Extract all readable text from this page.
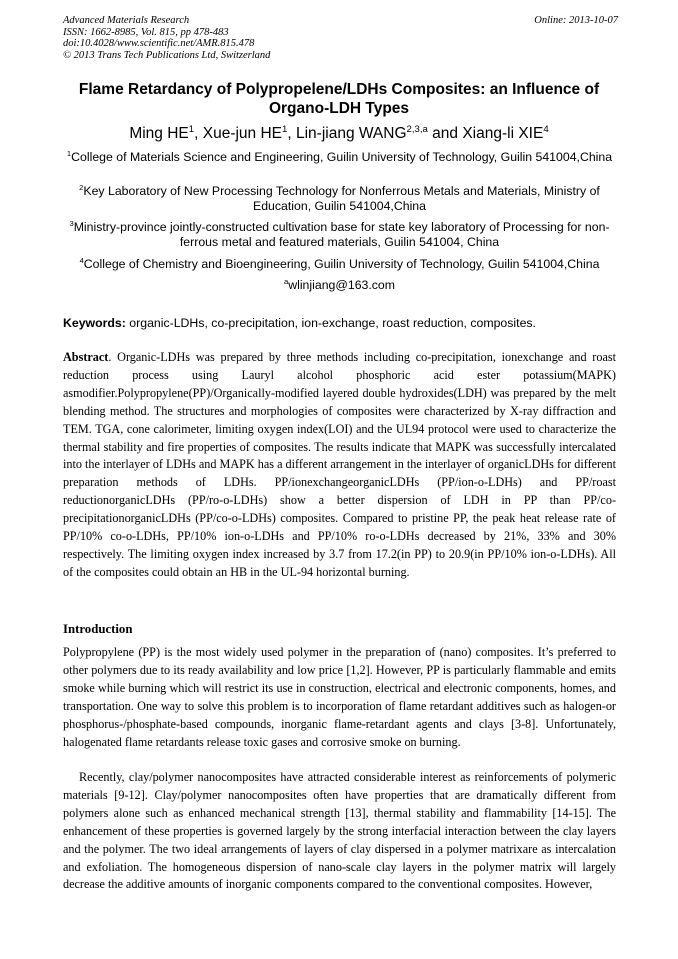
Advanced Materials Research
ISSN: 1662-8985, Vol. 815, pp 478-483
doi:10.4028/www.scientific.net/AMR.815.478
© 2013 Trans Tech Publications Ltd, Switzerland
Online: 2013-10-07
Flame Retardancy of Polypropelene/LDHs Composites: an Influence of Organo-LDH Types
Ming $HE^1$, Xue-jun $HE^1$, Lin-jiang WANG$^{2,3,a}$ and Xiang-li XIE$^4$
$^1$College of Materials Science and Engineering, Guilin University of Technology, Guilin 541004,China
$^2$Key Laboratory of New Processing Technology for Nonferrous Metals and Materials, Ministry of Education, Guilin 541004,China
$^3$Ministry-province jointly-constructed cultivation base for state key laboratory of Processing for non-ferrous metal and featured materials, Guilin 541004, China
$^4$College of Chemistry and Bioengineering, Guilin University of Technology, Guilin 541004,China
$^a$wlinjiang@163.com
Keywords: organic-LDHs, co-precipitation, ion-exchange, roast reduction, composites.

Abstract. Organic-LDHs was prepared by three methods including co-precipitation, ionexchange and roast reduction process using Lauryl alcohol phosphoric acid ester potassium(MAPK) asmodifier.Polypropylene(PP)/Organically-modified layered double hydroxides(LDH) was prepared by the melt blending method. The structures and morphologies of composites were characterized by X-ray diffraction and TEM. TGA, cone calorimeter, limiting oxygen index(LOI) and the UL94 protocol were used to characterize the thermal stability and fire properties of composites. The results indicate that MAPK was successfully intercalated into the interlayer of LDHs and MAPK has a different arrangement in the interlayer of organicLDHs for different preparation methods of LDHs. PP/ionexchangeorganicLDHs (PP/ion-o-LDHs) and PP/roast reductionorganicLDHs (PP/ro-o-LDHs) show a better dispersion of LDH in PP than PP/co-precipitationorganicLDHs (PP/co-o-LDHs) composites. Compared to pristine PP, the peak heat release rate of PP/10% co-o-LDHs, PP/10% ion-o-LDHs and PP/10% ro-o-LDHs decreased by 21%, 33% and 30% respectively. The limiting oxygen index increased by 3.7 from 17.2(in PP) to 20.9(in PP/10% ion-o-LDHs). All of the composites could obtain an HB in the UL-94 horizontal burning.

Introduction

Polypropylene (PP) is the most widely used polymer in the preparation of (nano) composites. It’s preferred to other polymers due to its ready availability and low price [1,2]. However, PP is particularly flammable and emits smoke while burning which will restrict its use in construction, electrical and electronic components, homes, and transportation. One way to solve this problem is to incorporation of flame retardant additives such as halogen-or phosphorus-/phosphate-based compounds, inorganic flame-retardant agents and clays [3-8]. Unfortunately, halogenated flame retardants release toxic gases and corrosive smoke on burning.

Recently, clay/polymer nanocomposites have attracted considerable interest as reinforcements of polymeric materials [9-12]. Clay/polymer nanocomposites often have properties that are dramatically different from polymers alone such as enhanced mechanical strength [13], thermal stability and flammability [14-15]. The enhancement of these properties is governed largely by the strong interfacial interaction between the clay layers and the polymer. The two ideal arrangements of layers of clay dispersed in a polymer matrixare as intercalation and exfoliation. The homogeneous dispersion of nano-scale clay layers in the polymer matrix will largely decrease the additive amounts of inorganic components compared to the conventional composites. However,
